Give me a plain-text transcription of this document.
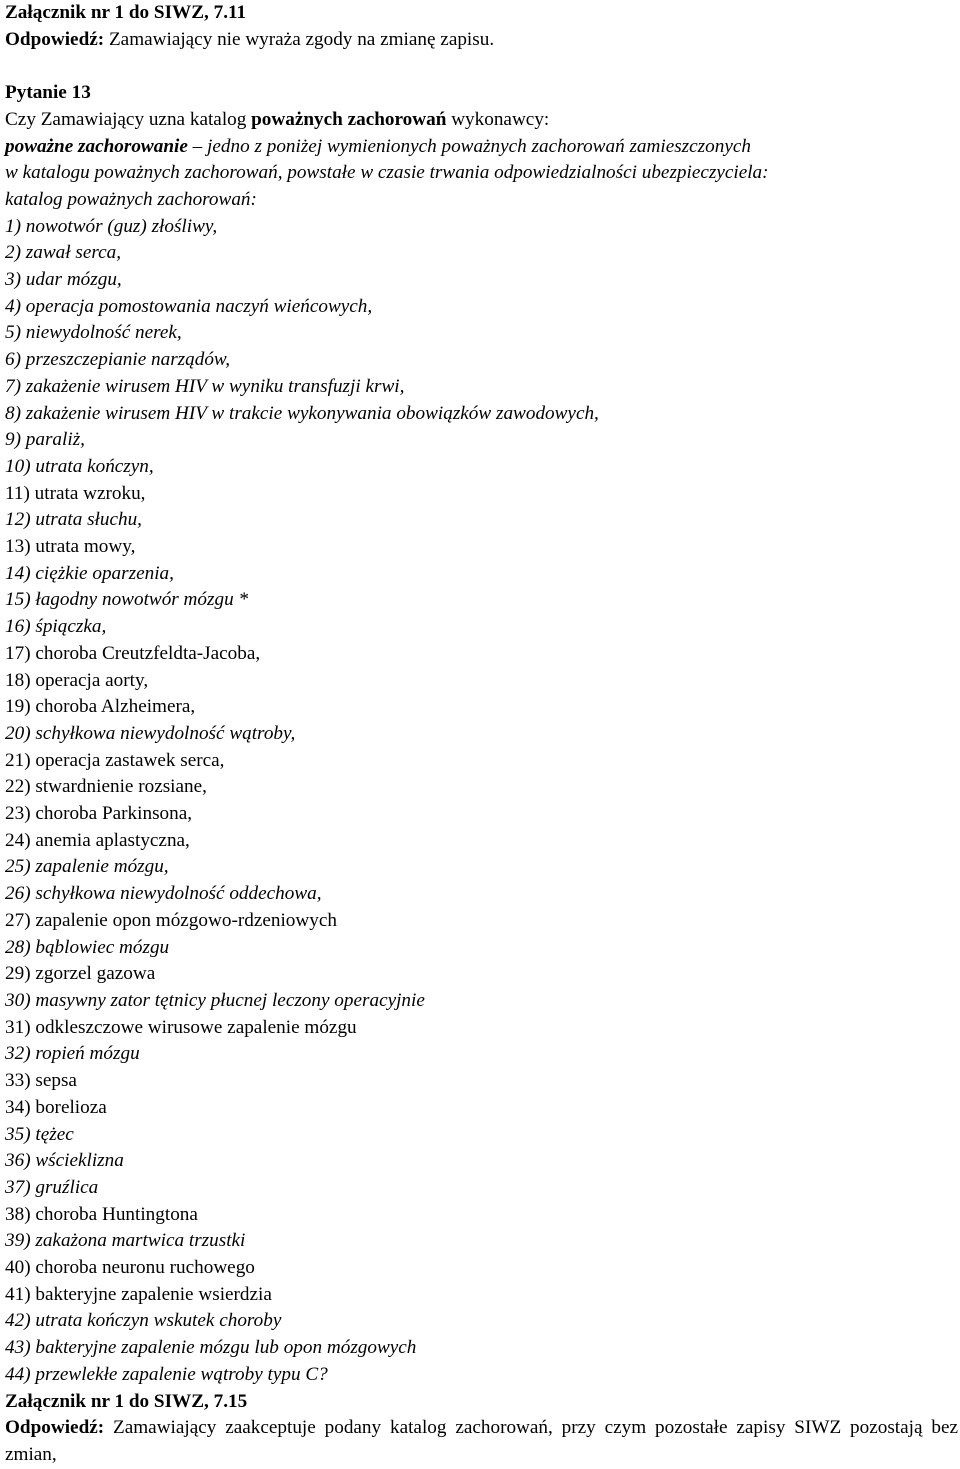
Załącznik nr 1 do SIWZ, 7.11
Odpowiedź: Zamawiający nie wyraża zgody na zmianę zapisu.
Pytanie 13
Czy Zamawiający uzna katalog poważnych zachorowań wykonawcy:
poważne zachorowanie – jedno z poniżej wymienionych poważnych zachorowań zamieszczonych
w katalogu poważnych zachorowań, powstałe w czasie trwania odpowiedzialności ubezpieczyciela:
katalog poważnych zachorowań:
1) nowotwór (guz) złośliwy,
2) zawał serca,
3) udar mózgu,
4) operacja pomostowania naczyń wieńcowych,
5) niewydolność nerek,
6) przeszczepianie narządów,
7) zakażenie wirusem HIV w wyniku transfuzji krwi,
8) zakażenie wirusem HIV w trakcie wykonywania obowiązków zawodowych,
9) paraliż,
10) utrata kończyn,
11) utrata wzroku,
12) utrata słuchu,
13) utrata mowy,
14) ciężkie oparzenia,
15) łagodny nowotwór mózgu *
16) śpiączka,
17) choroba Creutzfeldta-Jacoba,
18) operacja aorty,
19) choroba Alzheimera,
20) schyłkowa niewydolność wątroby,
21) operacja zastawek serca,
22) stwardnienie rozsiane,
23) choroba Parkinsona,
24) anemia aplastyczna,
25) zapalenie mózgu,
26) schyłkowa niewydolność oddechowa,
27) zapalenie opon mózgowo-rdzeniowych
28) bąblowiec mózgu
29) zgorzel gazowa
30) masywny zator tętnicy płucnej leczony operacyjnie
31) odkleszczowe wirusowe zapalenie mózgu
32) ropień mózgu
33) sepsa
34) borelioza
35) tężec
36) wścieklizna
37) gruźlica
38) choroba Huntingtona
39) zakażona martwica trzustki
40) choroba neuronu ruchowego
41) bakteryjne zapalenie wsierdzia
42) utrata kończyn wskutek choroby
43) bakteryjne zapalenie mózgu lub opon mózgowych
44) przewlekłe zapalenie wątroby typu C?
Załącznik nr 1 do SIWZ, 7.15
Odpowiedź: Zamawiający zaakceptuje podany katalog zachorowań, przy czym pozostałe zapisy SIWZ pozostają bez zmian,
